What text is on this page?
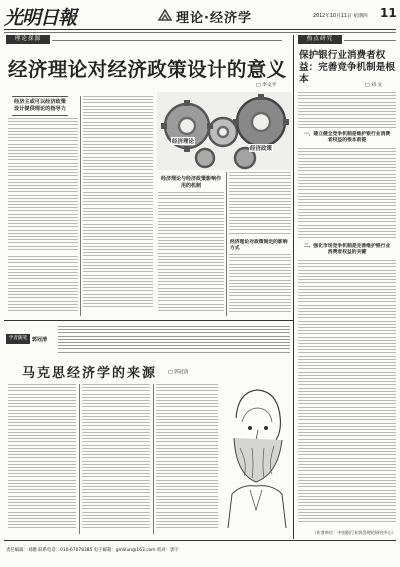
光明日報	理论·经济学	2012年10月11日 星期四 11
理论探源
经济理论对经济政策设计的意义
□ 李文平
经济主或可以经济政策设计提供理论的指导力
经济理论
经济政策
经济理论与经济政策影响作用的机制
经济理论对政策制定的影响方式
热点研究
保护银行业消费者权益：完善竞争机制是根本
□ 刘 文
一、建立健全竞争机制是维护银行业消费者权益的根本前提
二、强化市场竞争机制是完善维护银行业消费者权益的关键
（作者单位：中国银行业协会理论研究中心）
学者随笔 郭冠清
马克思经济学的来源 □ 郭冠清
责任编辑：刘鹏 联系电话：010-67078385 电子邮箱：gmlilun@163.com 校对：郭宇
